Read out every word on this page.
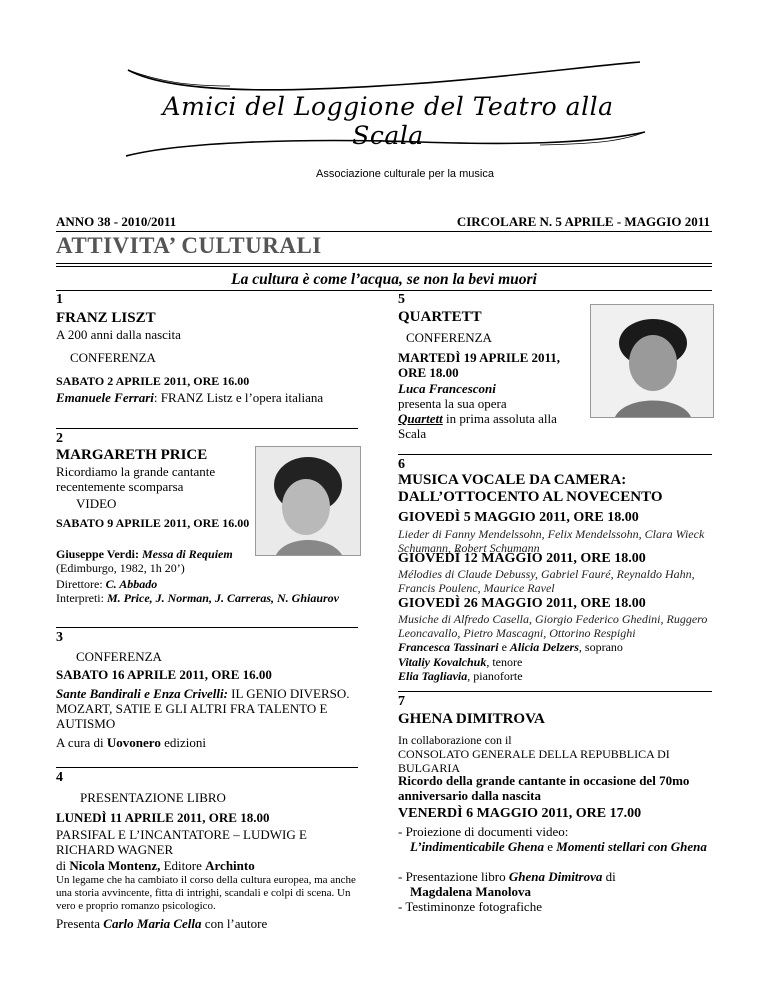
Amici del Loggione del Teatro alla Scala
Associazione culturale per la musica
ANNO 38 - 2010/2011	CIRCOLARE N. 5 APRILE - MAGGIO 2011
ATTIVITA’ CULTURALI
La cultura è come l’acqua, se non la bevi muori
1
FRANZ LISZT
A 200 anni dalla nascita
CONFERENZA
SABATO 2 APRILE 2011, ORE 16.00
Emanuele Ferrari: FRANZ Listz e l’opera italiana
2
MARGARETH PRICE
Ricordiamo la grande cantante recentemente scomparsa
VIDEO
SABATO 9 APRILE 2011, ORE 16.00
Giuseppe Verdi: Messa di Requiem (Edimburgo, 1982, 1h 20’)
Direttore: C. Abbado
Interpreti: M. Price, J. Norman, J. Carreras, N. Ghiaurov
3
CONFERENZA
SABATO 16 APRILE 2011, ORE 16.00
Sante Bandirali e Enza Crivelli: IL GENIO DIVERSO. MOZART, SATIE E GLI ALTRI FRA TALENTO E AUTISMO
A cura di Uovonero edizioni
4
PRESENTAZIONE LIBRO
LUNEDÌ 11 APRILE 2011, ORE 18.00
PARSIFAL E L’INCANTATORE – LUDWIG E RICHARD WAGNER
di Nicola Montenz, Editore Archinto
Un legame che ha cambiato il corso della cultura europea, ma anche una storia avvincente, fitta di intrighi, scandali e colpi di scena. Un vero e proprio romanzo psicologico.
Presenta Carlo Maria Cella con l’autore
5
QUARTETT
CONFERENZA
MARTEDÌ 19 APRILE 2011, ORE 18.00
Luca Francesconi
presenta la sua opera
Quartett in prima assoluta alla Scala
6
MUSICA VOCALE DA CAMERA: DALL’OTTOCENTO AL NOVECENTO
GIOVEDÌ 5 MAGGIO 2011, ORE 18.00
Lieder di Fanny Mendelssohn, Felix Mendelssohn, Clara Wieck Schumann, Robert Schumann
GIOVEDÌ 12 MAGGIO 2011, ORE 18.00
Mélodies di Claude Debussy, Gabriel Fauré, Reynaldo Hahn, Francis Poulenc, Maurice Ravel
GIOVEDÌ 26 MAGGIO 2011, ORE 18.00
Musiche di Alfredo Casella, Giorgio Federico Ghedini, Ruggero Leoncavallo, Pietro Mascagni, Ottorino Respighi
Francesca Tassinari e Alicia Delzers, soprano
Vitaliy Kovalchuk, tenore
Elia Tagliavia, pianoforte
7
GHENA DIMITROVA
In collaborazione con il
CONSOLATO GENERALE DELLA REPUBBLICA DI BULGARIA
Ricordo della grande cantante in occasione del 70mo anniversario dalla nascita
VENERDÌ 6 MAGGIO 2011, ORE 17.00
- Proiezione di documenti video:
L’indimenticabile Ghena e Momenti stellari con Ghena
- Presentazione libro Ghena Dimitrova di
Magdalena Manolova
- Testiminonze fotografiche
